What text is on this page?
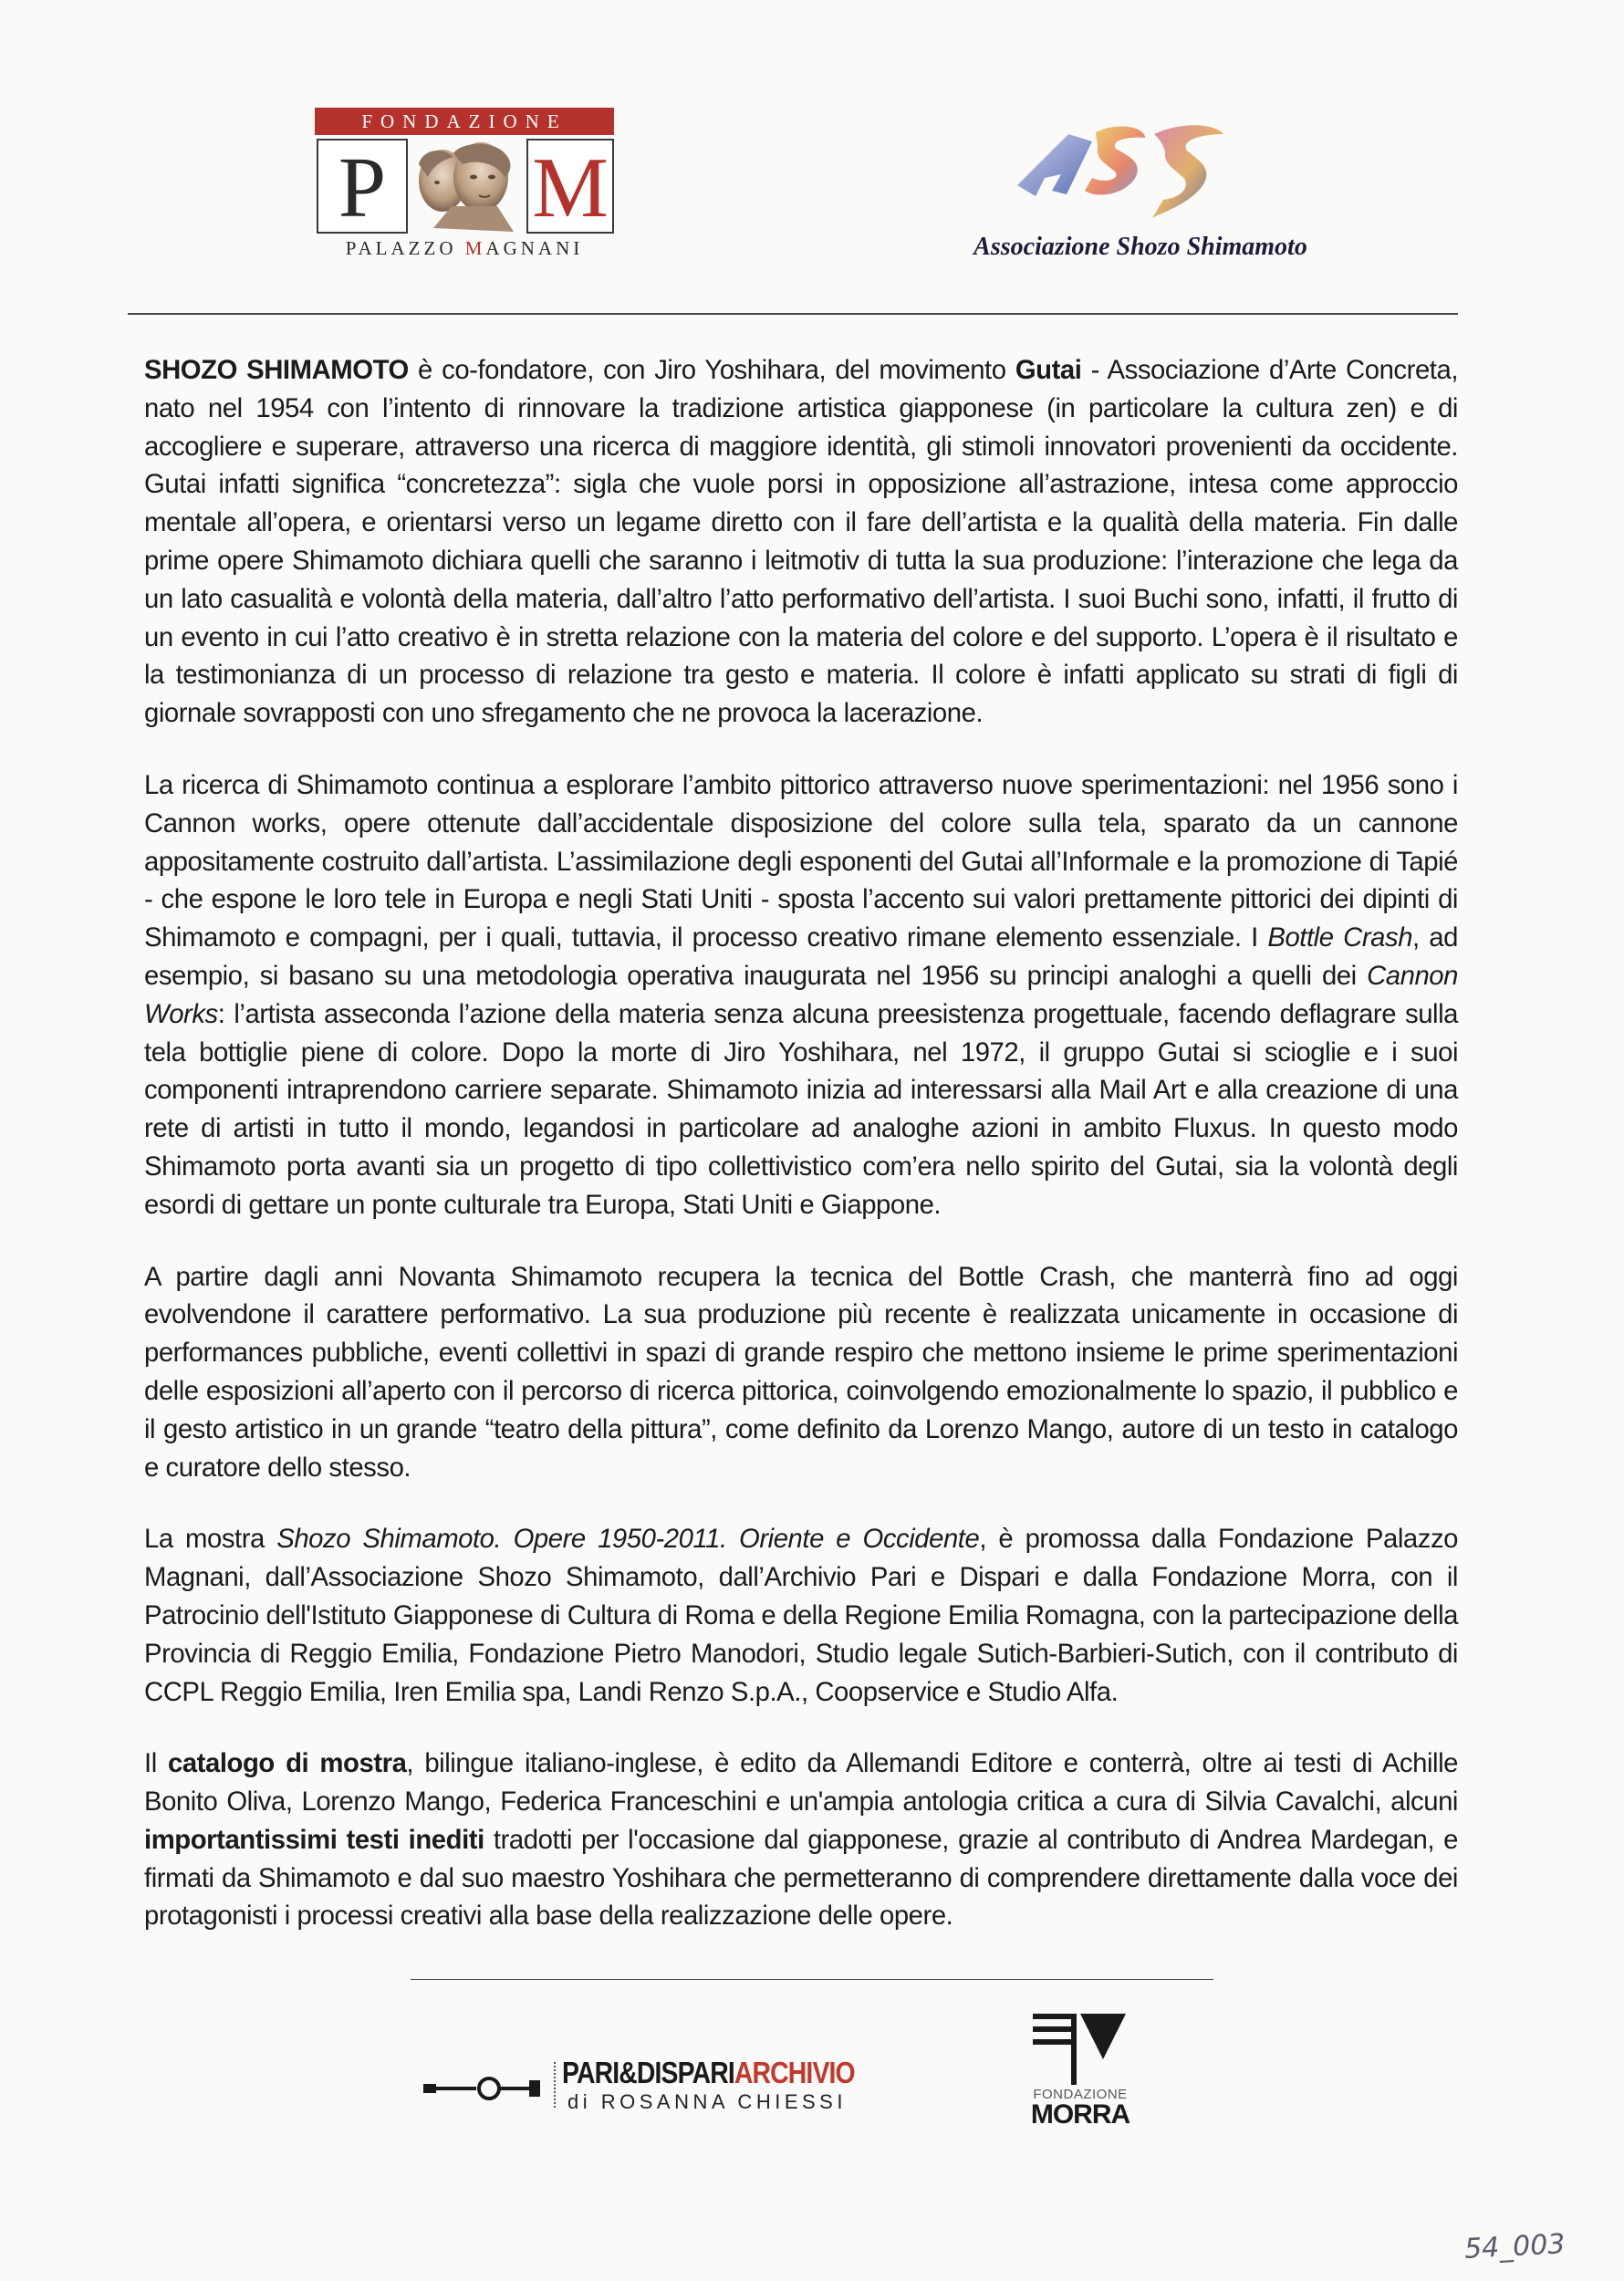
FONDAZIONE
P M
PALAZZO MAGNANI	Associazione Shozo Shimamoto

SHOZO SHIMAMOTO è co-fondatore, con Jiro Yoshihara, del movimento Gutai - Associazione d’Arte Concreta, nato nel 1954 con l’intento di rinnovare la tradizione artistica giapponese (in particolare la cultura zen) e di accogliere e superare, attraverso una ricerca di maggiore identità, gli stimoli innovatori provenienti da occidente. Gutai infatti significa “concretezza”: sigla che vuole porsi in opposizione all’astrazione, intesa come approccio mentale all’opera, e orientarsi verso un legame diretto con il fare dell’artista e la qualità della materia. Fin dalle prime opere Shimamoto dichiara quelli che saranno i leitmotiv di tutta la sua produzione: l’interazione che lega da un lato casualità e volontà della materia, dall’altro l’atto performativo dell’artista. I suoi Buchi sono, infatti, il frutto di un evento in cui l’atto creativo è in stretta relazione con la materia del colore e del supporto. L’opera è il risultato e la testimonianza di un processo di relazione tra gesto e materia. Il colore è infatti applicato su strati di figli di giornale sovrapposti con uno sfregamento che ne provoca la lacerazione.

La ricerca di Shimamoto continua a esplorare l’ambito pittorico attraverso nuove sperimentazioni: nel 1956 sono i Cannon works, opere ottenute dall’accidentale disposizione del colore sulla tela, sparato da un cannone appositamente costruito dall’artista. L’assimilazione degli esponenti del Gutai all’Informale e la promozione di Tapié - che espone le loro tele in Europa e negli Stati Uniti - sposta l’accento sui valori prettamente pittorici dei dipinti di Shimamoto e compagni, per i quali, tuttavia, il processo creativo rimane elemento essenziale. I Bottle Crash, ad esempio, si basano su una metodologia operativa inaugurata nel 1956 su principi analoghi a quelli dei Cannon Works: l’artista asseconda l’azione della materia senza alcuna preesistenza progettuale, facendo deflagrare sulla tela bottiglie piene di colore. Dopo la morte di Jiro Yoshihara, nel 1972, il gruppo Gutai si scioglie e i suoi componenti intraprendono carriere separate. Shimamoto inizia ad interessarsi alla Mail Art e alla creazione di una rete di artisti in tutto il mondo, legandosi in particolare ad analoghe azioni in ambito Fluxus. In questo modo Shimamoto porta avanti sia un progetto di tipo collettivistico com’era nello spirito del Gutai, sia la volontà degli esordi di gettare un ponte culturale tra Europa, Stati Uniti e Giappone.

A partire dagli anni Novanta Shimamoto recupera la tecnica del Bottle Crash, che manterrà fino ad oggi evolvendone il carattere performativo. La sua produzione più recente è realizzata unicamente in occasione di performances pubbliche, eventi collettivi in spazi di grande respiro che mettono insieme le prime sperimentazioni delle esposizioni all’aperto con il percorso di ricerca pittorica, coinvolgendo emozionalmente lo spazio, il pubblico e il gesto artistico in un grande “teatro della pittura”, come definito da Lorenzo Mango, autore di un testo in catalogo e curatore dello stesso.

La mostra Shozo Shimamoto. Opere 1950-2011. Oriente e Occidente, è promossa dalla Fondazione Palazzo Magnani, dall’Associazione Shozo Shimamoto, dall’Archivio Pari e Dispari e dalla Fondazione Morra, con il Patrocinio dell'Istituto Giapponese di Cultura di Roma e della Regione Emilia Romagna, con la partecipazione della Provincia di Reggio Emilia, Fondazione Pietro Manodori, Studio legale Sutich-Barbieri-Sutich, con il contributo di CCPL Reggio Emilia, Iren Emilia spa, Landi Renzo S.p.A., Coopservice e Studio Alfa.

Il catalogo di mostra, bilingue italiano-inglese, è edito da Allemandi Editore e conterrà, oltre ai testi di Achille Bonito Oliva, Lorenzo Mango, Federica Franceschini e un'ampia antologia critica a cura di Silvia Cavalchi, alcuni importantissimi testi inediti tradotti per l'occasione dal giapponese, grazie al contributo di Andrea Mardegan, e firmati da Shimamoto e dal suo maestro Yoshihara che permetteranno di comprendere direttamente dalla voce dei protagonisti i processi creativi alla base della realizzazione delle opere.

PARI&DISPARIARCHIVIO
di ROSANNA CHIESSI	FONDAZIONE
MORRA
54_003
